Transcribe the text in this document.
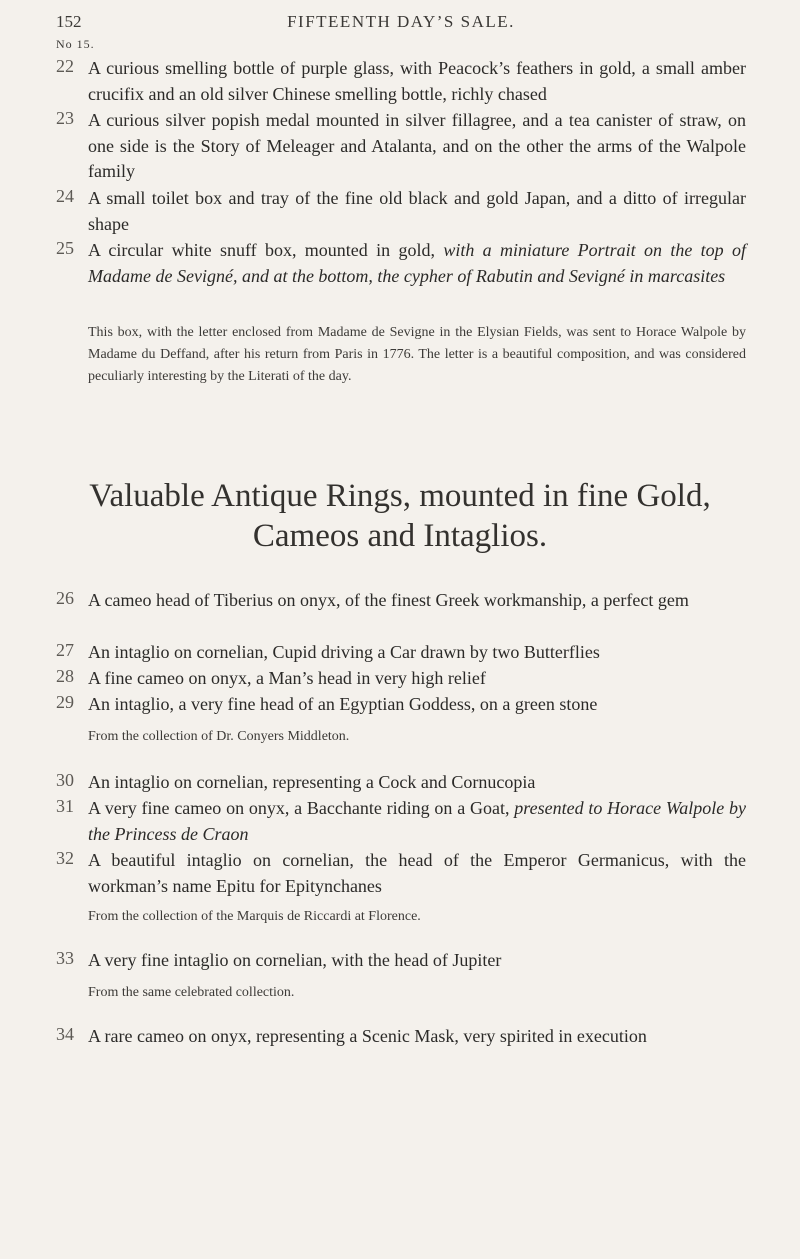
152	FIFTEENTH DAY’S SALE.
No 15.
22 A curious smelling bottle of purple glass, with Peacock’s feathers in gold, a small amber crucifix and an old silver Chinese smelling bottle, richly chased
23 A curious silver popish medal mounted in silver fillagree, and a tea canister of straw, on one side is the Story of Meleager and Atalanta, and on the other the arms of the Walpole family
24 A small toilet box and tray of the fine old black and gold Japan, and a ditto of irregular shape
25 A circular white snuff box, mounted in gold, with a miniature Portrait on the top of Madame de Sevigné, and at the bottom, the cypher of Rabutin and Sevigné in marcasites
This box, with the letter enclosed from Madame de Sevigne in the Elysian Fields, was sent to Horace Walpole by Madame du Deffand, after his return from Paris in 1776. The letter is a beautiful composition, and was considered peculiarly interesting by the Literati of the day.
Valuable Antique Rings, mounted in fine Gold,
Cameos and Intaglios.
26 A cameo head of Tiberius on onyx, of the finest Greek workmanship, a perfect gem
27 An intaglio on cornelian, Cupid driving a Car drawn by two Butterflies
28 A fine cameo on onyx, a Man’s head in very high relief
29 An intaglio, a very fine head of an Egyptian Goddess, on a green stone
From the collection of Dr. Conyers Middleton.
30 An intaglio on cornelian, representing a Cock and Cornucopia
31 A very fine cameo on onyx, a Bacchante riding on a Goat, presented to Horace Walpole by the Princess de Craon
32 A beautiful intaglio on cornelian, the head of the Emperor Germanicus, with the workman’s name Epitu for Epitynchanes
From the collection of the Marquis de Riccardi at Florence.
33 A very fine intaglio on cornelian, with the head of Jupiter
From the same celebrated collection.
34 A rare cameo on onyx, representing a Scenic Mask, very spirited in execution
